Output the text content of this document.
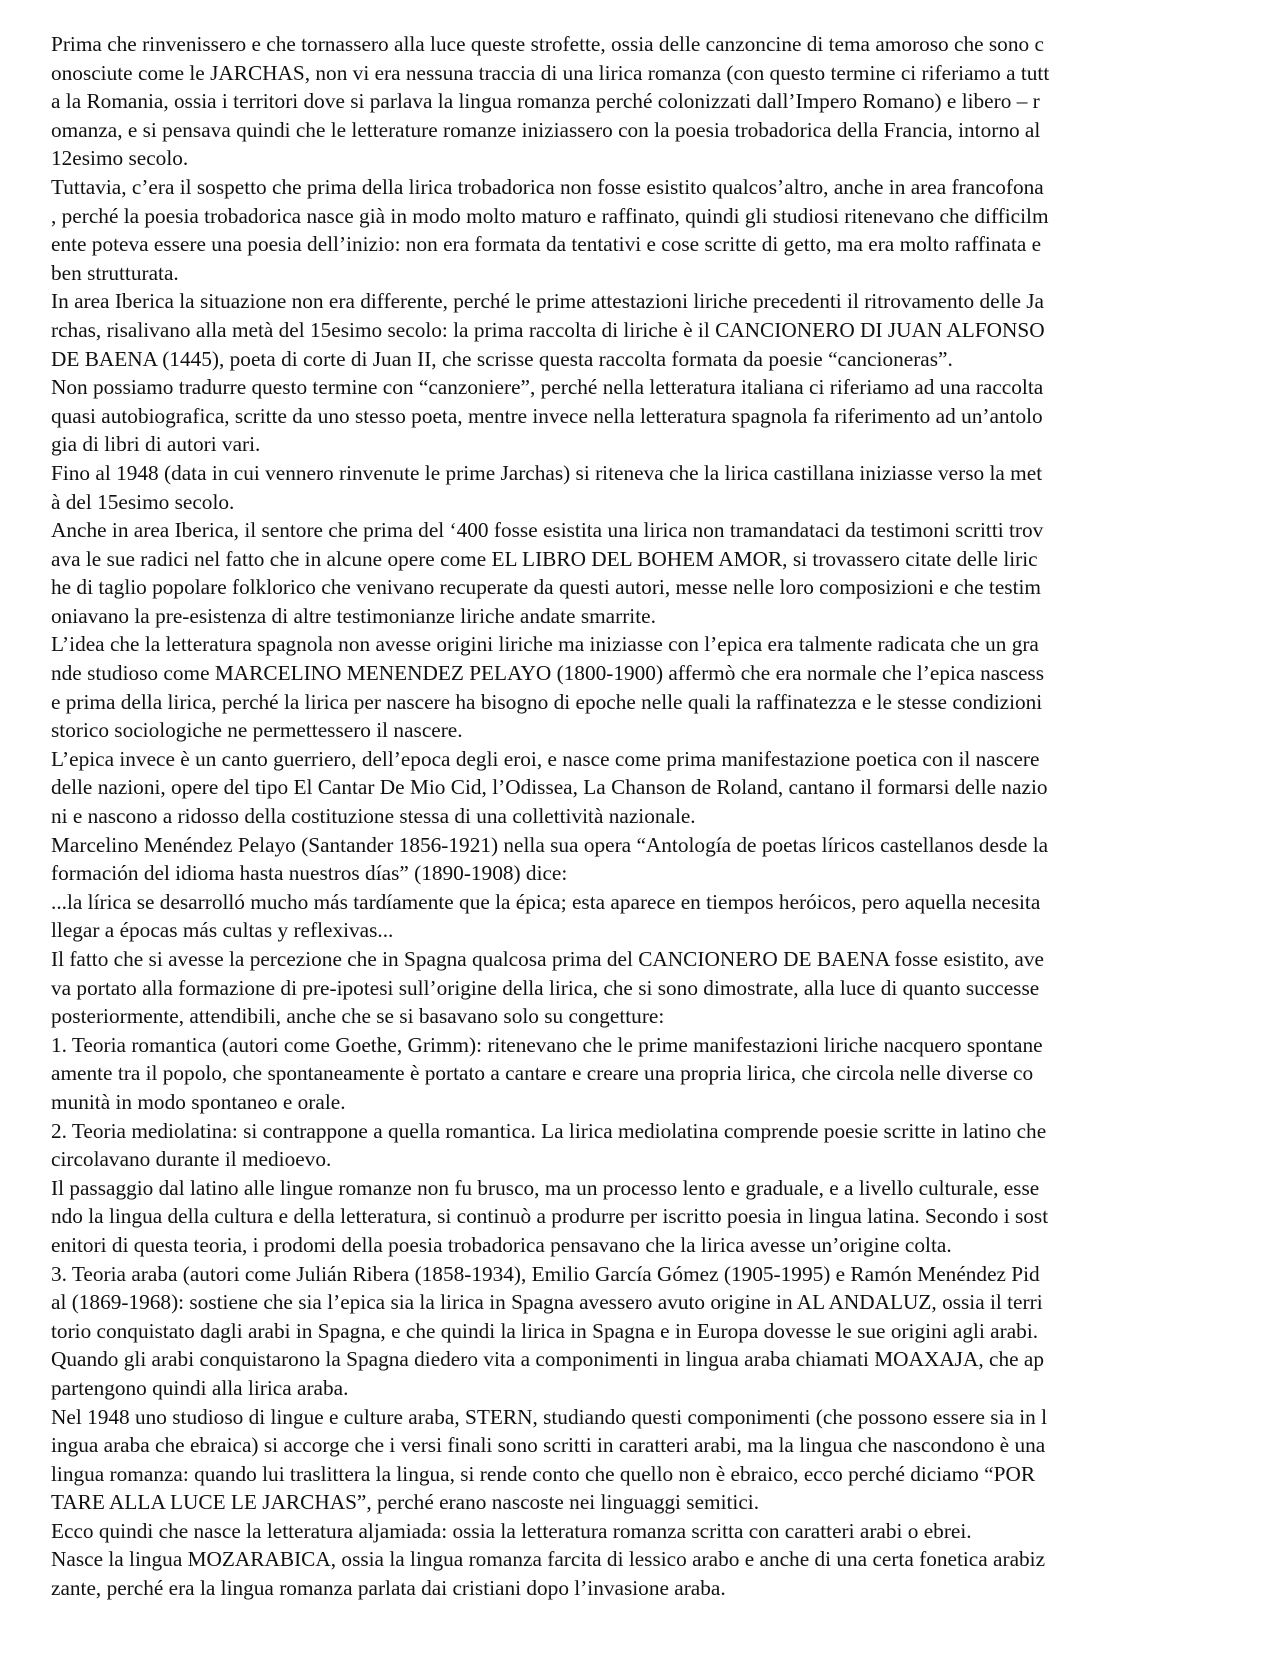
Prima che rinvenissero e che tornassero alla luce queste strofette, ossia delle canzoncine di tema amoroso che sono c

onosciute come le JARCHAS, non vi era nessuna traccia di una lirica romanza (con questo termine ci riferiamo a tutt

a la Romania, ossia i territori dove si parlava la lingua romanza perché colonizzati dall’Impero Romano) e libero – r

omanza, e si pensava quindi che le letterature romanze iniziassero con la poesia trobadorica della Francia, intorno al

12esimo secolo.

Tuttavia, c’era il sospetto che prima della lirica trobadorica non fosse esistito qualcos’altro, anche in area francofona

, perché la poesia trobadorica nasce già in modo molto maturo e raffinato, quindi gli studiosi ritenevano che difficilm

ente poteva essere una poesia dell’inizio: non era formata da tentativi e cose scritte di getto, ma era molto raffinata e

ben strutturata.

In area Iberica la situazione non era differente, perché le prime attestazioni liriche precedenti il ritrovamento delle Ja

rchas, risalivano alla metà del 15esimo secolo: la prima raccolta di liriche è il CANCIONERO DI JUAN ALFONSO

DE BAENA (1445), poeta di corte di Juan II, che scrisse questa raccolta formata da poesie “cancioneras”.

Non possiamo tradurre questo termine con “canzoniere”, perché nella letteratura italiana ci riferiamo ad una raccolta

quasi autobiografica, scritte da uno stesso poeta, mentre invece nella letteratura spagnola fa riferimento ad un’antolo

gia di libri di autori vari.

Fino al 1948 (data in cui vennero rinvenute le prime Jarchas) si riteneva che la lirica castillana iniziasse verso la met

à del 15esimo secolo.

Anche in area Iberica, il sentore che prima del ‘400 fosse esistita una lirica non tramandataci da testimoni scritti trov

ava le sue radici nel fatto che in alcune opere come EL LIBRO DEL BOHEM AMOR, si trovassero citate delle liric

he di taglio popolare folklorico che venivano recuperate da questi autori, messe nelle loro composizioni e che testim

oniavano la pre-esistenza di altre testimonianze liriche andate smarrite.

L’idea che la letteratura spagnola non avesse origini liriche ma iniziasse con l’epica era talmente radicata che un gra

nde studioso come MARCELINO MENENDEZ PELAYO (1800-1900) affermò che era normale che l’epica nascess

e prima della lirica, perché la lirica per nascere ha bisogno di epoche nelle quali la raffinatezza e le stesse condizioni

storico sociologiche ne permettessero il nascere.

L’epica invece è un canto guerriero, dell’epoca degli eroi, e nasce come prima manifestazione poetica con il nascere

delle nazioni, opere del tipo El Cantar De Mio Cid, l’Odissea, La Chanson de Roland, cantano il formarsi delle nazio

ni e nascono a ridosso della costituzione stessa di una collettività nazionale.

Marcelino Menéndez Pelayo (Santander 1856-1921) nella sua opera “Antología de poetas líricos castellanos desde la

formación del idioma hasta nuestros días” (1890-1908) dice:

...la lírica se desarrolló mucho más tardíamente que la épica; esta aparece en tiempos heróicos, pero aquella necesita

llegar a épocas más cultas y reflexivas...

Il fatto che si avesse la percezione che in Spagna qualcosa prima del CANCIONERO DE BAENA fosse esistito, ave

va portato alla formazione di pre-ipotesi sull’origine della lirica, che si sono dimostrate, alla luce di quanto successe

posteriormente, attendibili, anche che se si basavano solo su congetture:

1. Teoria romantica (autori come Goethe, Grimm): ritenevano che le prime manifestazioni liriche nacquero spontane

amente tra il popolo, che spontaneamente è portato a cantare e creare una propria lirica, che circola nelle diverse co

munità in modo spontaneo e orale.

2. Teoria mediolatina: si contrappone a quella romantica. La lirica mediolatina comprende poesie scritte in latino che

circolavano durante il medioevo.

Il passaggio dal latino alle lingue romanze non fu brusco, ma un processo lento e graduale, e a livello culturale, esse

ndo la lingua della cultura e della letteratura, si continuò a produrre per iscritto poesia in lingua latina. Secondo i sost

enitori di questa teoria, i prodomi della poesia trobadorica pensavano che la lirica avesse un’origine colta.

3. Teoria araba (autori come Julián Ribera (1858-1934), Emilio García Gómez (1905-1995) e Ramón Menéndez Pid

al (1869-1968): sostiene che sia l’epica sia la lirica in Spagna avessero avuto origine in AL ANDALUZ, ossia il terri

torio conquistato dagli arabi in Spagna, e che quindi la lirica in Spagna e in Europa dovesse le sue origini agli arabi.

Quando gli arabi conquistarono la Spagna diedero vita a componimenti in lingua araba chiamati MOAXAJA, che ap

partengono quindi alla lirica araba.

Nel 1948 uno studioso di lingue e culture araba, STERN, studiando questi componimenti (che possono essere sia in l

ingua araba che ebraica) si accorge che i versi finali sono scritti in caratteri arabi, ma la lingua che nascondono è una

lingua romanza: quando lui traslittera la lingua, si rende conto che quello non è ebraico, ecco perché diciamo “POR

TARE ALLA LUCE LE JARCHAS”, perché erano nascoste nei linguaggi semitici.

Ecco quindi che nasce la letteratura aljamiada: ossia la letteratura romanza scritta con caratteri arabi o ebrei.

Nasce la lingua MOZARABICA, ossia la lingua romanza farcita di lessico arabo e anche di una certa fonetica arabiz

zante, perché era la lingua romanza parlata dai cristiani dopo l’invasione araba.
